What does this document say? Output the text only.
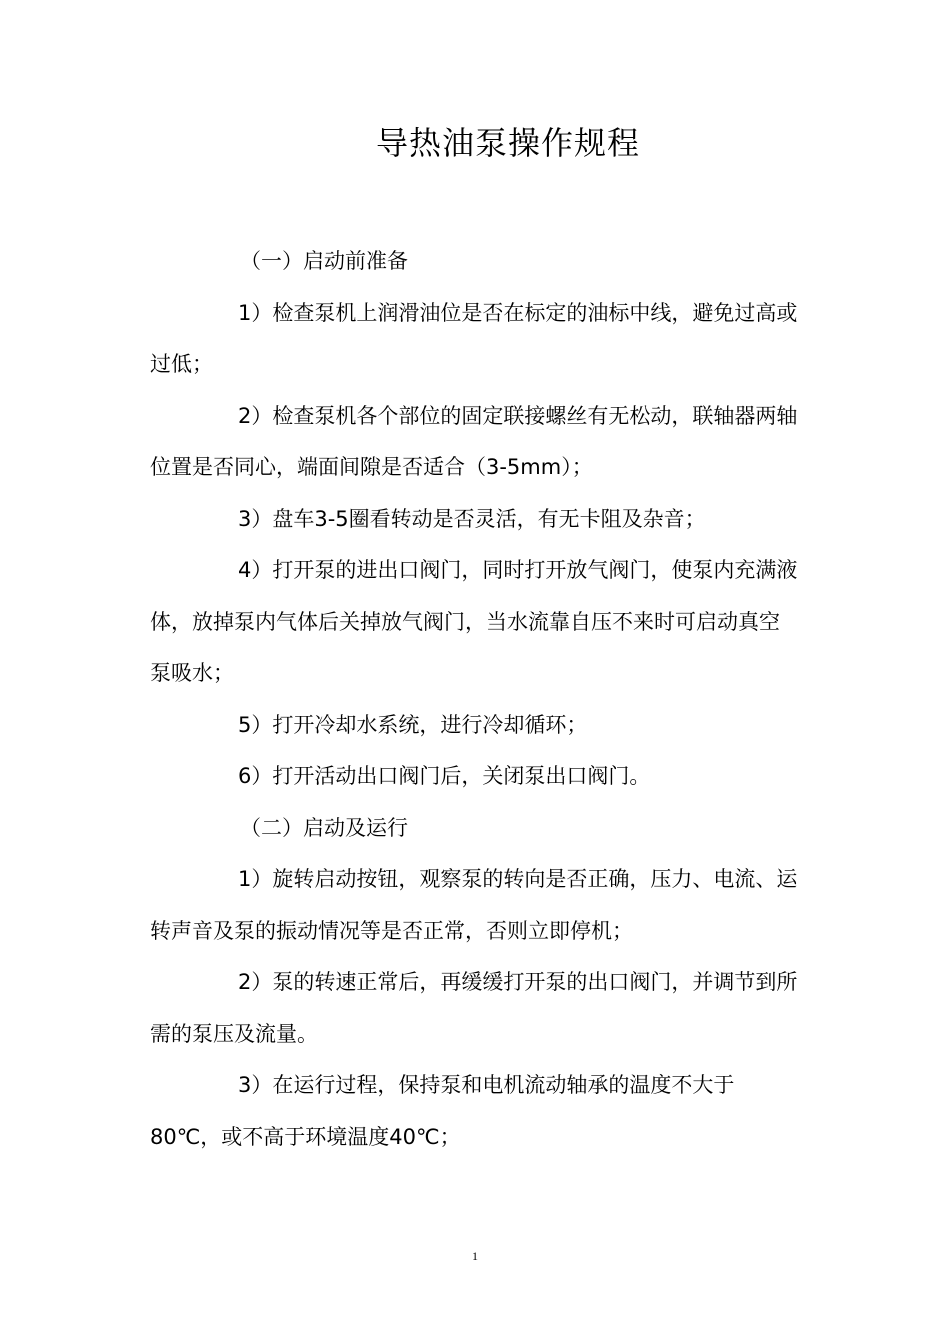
导热油泵操作规程

（一）启动前准备

1）检查泵机上润滑油位是否在标定的油标中线，避免过高或过低；

2）检查泵机各个部位的固定联接螺丝有无松动，联轴器两轴位置是否同心，端面间隙是否适合（3-5mm）；

3）盘车3-5圈看转动是否灵活，有无卡阻及杂音；

4）打开泵的进出口阀门，同时打开放气阀门，使泵内充满液体，放掉泵内气体后关掉放气阀门，当水流靠自压不来时可启动真空泵吸水；

5）打开冷却水系统，进行冷却循环；

6）打开活动出口阀门后，关闭泵出口阀门。

（二）启动及运行

1）旋转启动按钮，观察泵的转向是否正确，压力、电流、运转声音及泵的振动情况等是否正常，否则立即停机；

2）泵的转速正常后，再缓缓打开泵的出口阀门，并调节到所需的泵压及流量。

3）在运行过程，保持泵和电机流动轴承的温度不大于80℃，或不高于环境温度40℃；

1
